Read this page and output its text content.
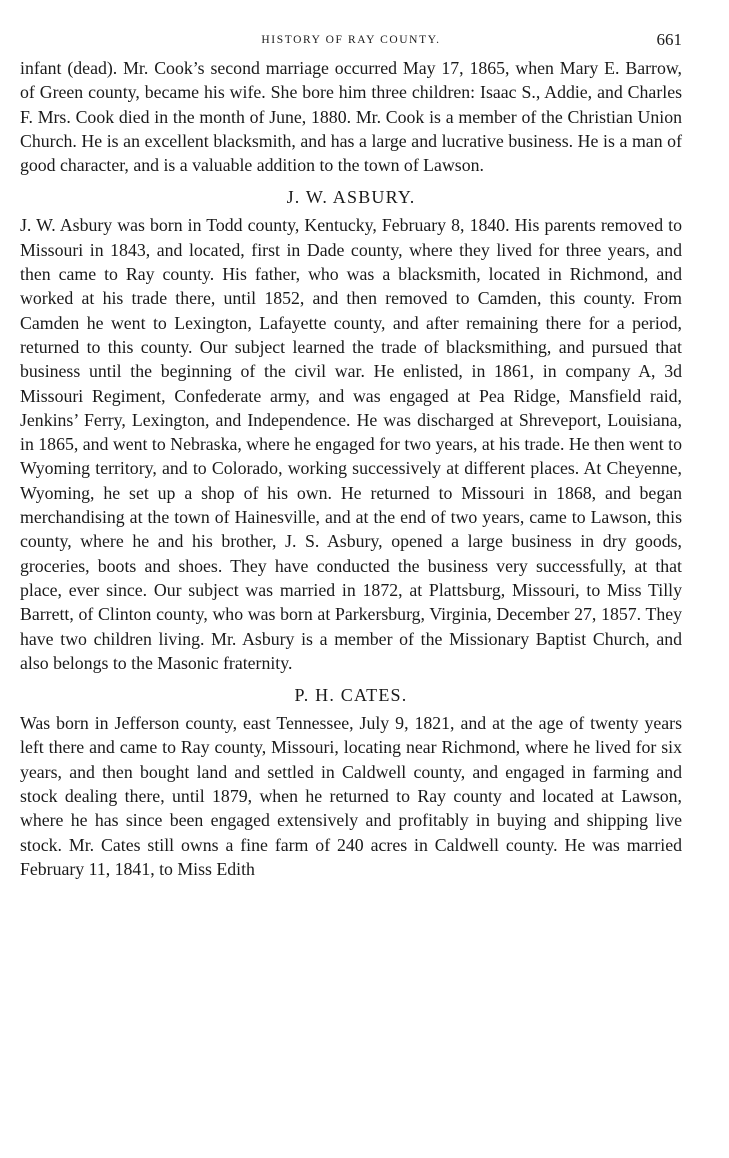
HISTORY OF RAY COUNTY.	661

infant (dead). Mr. Cook’s second marriage occurred May 17, 1865, when Mary E. Barrow, of Green county, became his wife. She bore him three children: Isaac S., Addie, and Charles F. Mrs. Cook died in the month of June, 1880. Mr. Cook is a member of the Christian Union Church. He is an excellent blacksmith, and has a large and lucrative business. He is a man of good character, and is a valuable addition to the town of Lawson.

J. W. ASBURY.

J. W. Asbury was born in Todd county, Kentucky, February 8, 1840. His parents removed to Missouri in 1843, and located, first in Dade county, where they lived for three years, and then came to Ray county. His father, who was a blacksmith, located in Richmond, and worked at his trade there, until 1852, and then removed to Camden, this county. From Camden he went to Lexington, Lafayette county, and after remaining there for a period, returned to this county. Our subject learned the trade of blacksmithing, and pursued that business until the beginning of the civil war. He enlisted, in 1861, in company A, 3d Missouri Regiment, Confederate army, and was engaged at Pea Ridge, Mansfield raid, Jenkins’ Ferry, Lexington, and Independence. He was discharged at Shreveport, Louisiana, in 1865, and went to Nebraska, where he engaged for two years, at his trade. He then went to Wyoming territory, and to Colorado, working successively at different places. At Cheyenne, Wyoming, he set up a shop of his own. He returned to Missouri in 1868, and began merchandising at the town of Hainesville, and at the end of two years, came to Lawson, this county, where he and his brother, J. S. Asbury, opened a large business in dry goods, groceries, boots and shoes. They have conducted the business very successfully, at that place, ever since. Our subject was married in 1872, at Plattsburg, Missouri, to Miss Tilly Barrett, of Clinton county, who was born at Parkersburg, Virginia, December 27, 1857. They have two children living. Mr. Asbury is a member of the Missionary Baptist Church, and also belongs to the Masonic fraternity.

P. H. CATES.

Was born in Jefferson county, east Tennessee, July 9, 1821, and at the age of twenty years left there and came to Ray county, Missouri, locating near Richmond, where he lived for six years, and then bought land and settled in Caldwell county, and engaged in farming and stock dealing there, until 1879, when he returned to Ray county and located at Lawson, where he has since been engaged extensively and profitably in buying and shipping live stock. Mr. Cates still owns a fine farm of 240 acres in Caldwell county. He was married February 11, 1841, to Miss Edith
